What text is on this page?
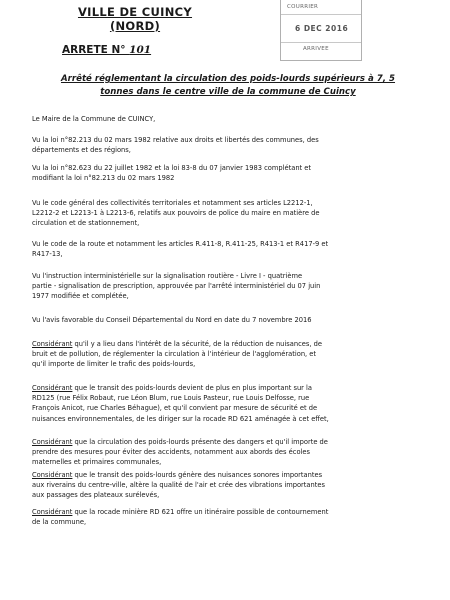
VILLE DE CUINCY
(NORD)
ARRETE N° 101
COURRIER
6 DEC 2016
ARRIVEE
Arrêté réglementant la circulation des poids-lourds supérieurs à 7, 5
tonnes dans le centre ville de la commune de Cuincy
Le Maire de la Commune de CUINCY,
Vu la loi n°82.213 du 02 mars 1982 relative aux droits et libertés des communes, des
départements et des régions,
Vu la loi n°82.623 du 22 juillet 1982 et la loi 83-8 du 07 janvier 1983 complétant et
modifiant la loi n°82.213 du 02 mars 1982
Vu le code général des collectivités territoriales et notamment ses articles L2212-1,
L2212-2 et L2213-1 à L2213-6, relatifs aux pouvoirs de police du maire en matière de
circulation et de stationnement,
Vu le code de la route et notamment les articles R.411-8, R.411-25, R413-1 et R417-9 et
R417-13,
Vu l'instruction interministérielle sur la signalisation routière - Livre I - quatrième
partie - signalisation de prescription, approuvée par l'arrêté interministériel du 07 juin
1977 modifiée et complétée,
Vu l'avis favorable du Conseil Départemental du Nord en date du 7 novembre 2016
Considérant qu'il y a lieu dans l'intérêt de la sécurité, de la réduction de nuisances, de
bruit et de pollution, de réglementer la circulation à l'intérieur de l'agglomération, et
qu'il importe de limiter le trafic des poids-lourds,
Considérant que le transit des poids-lourds devient de plus en plus important sur la
RD125 (rue Félix Robaut, rue Léon Blum, rue Louis Pasteur, rue Louis Delfosse, rue
François Anicot, rue Charles Béhague), et qu'il convient par mesure de sécurité et de
nuisances environnementales, de les diriger sur la rocade RD 621 aménagée à cet effet,
Considérant que la circulation des poids-lourds présente des dangers et qu'il importe de
prendre des mesures pour éviter des accidents, notamment aux abords des écoles
maternelles et primaires communales,
Considérant que le transit des poids-lourds génère des nuisances sonores importantes
aux riverains du centre-ville, altère la qualité de l'air et crée des vibrations importantes
aux passages des plateaux surélevés,
Considérant que la rocade minière RD 621 offre un itinéraire possible de contournement
de la commune,
